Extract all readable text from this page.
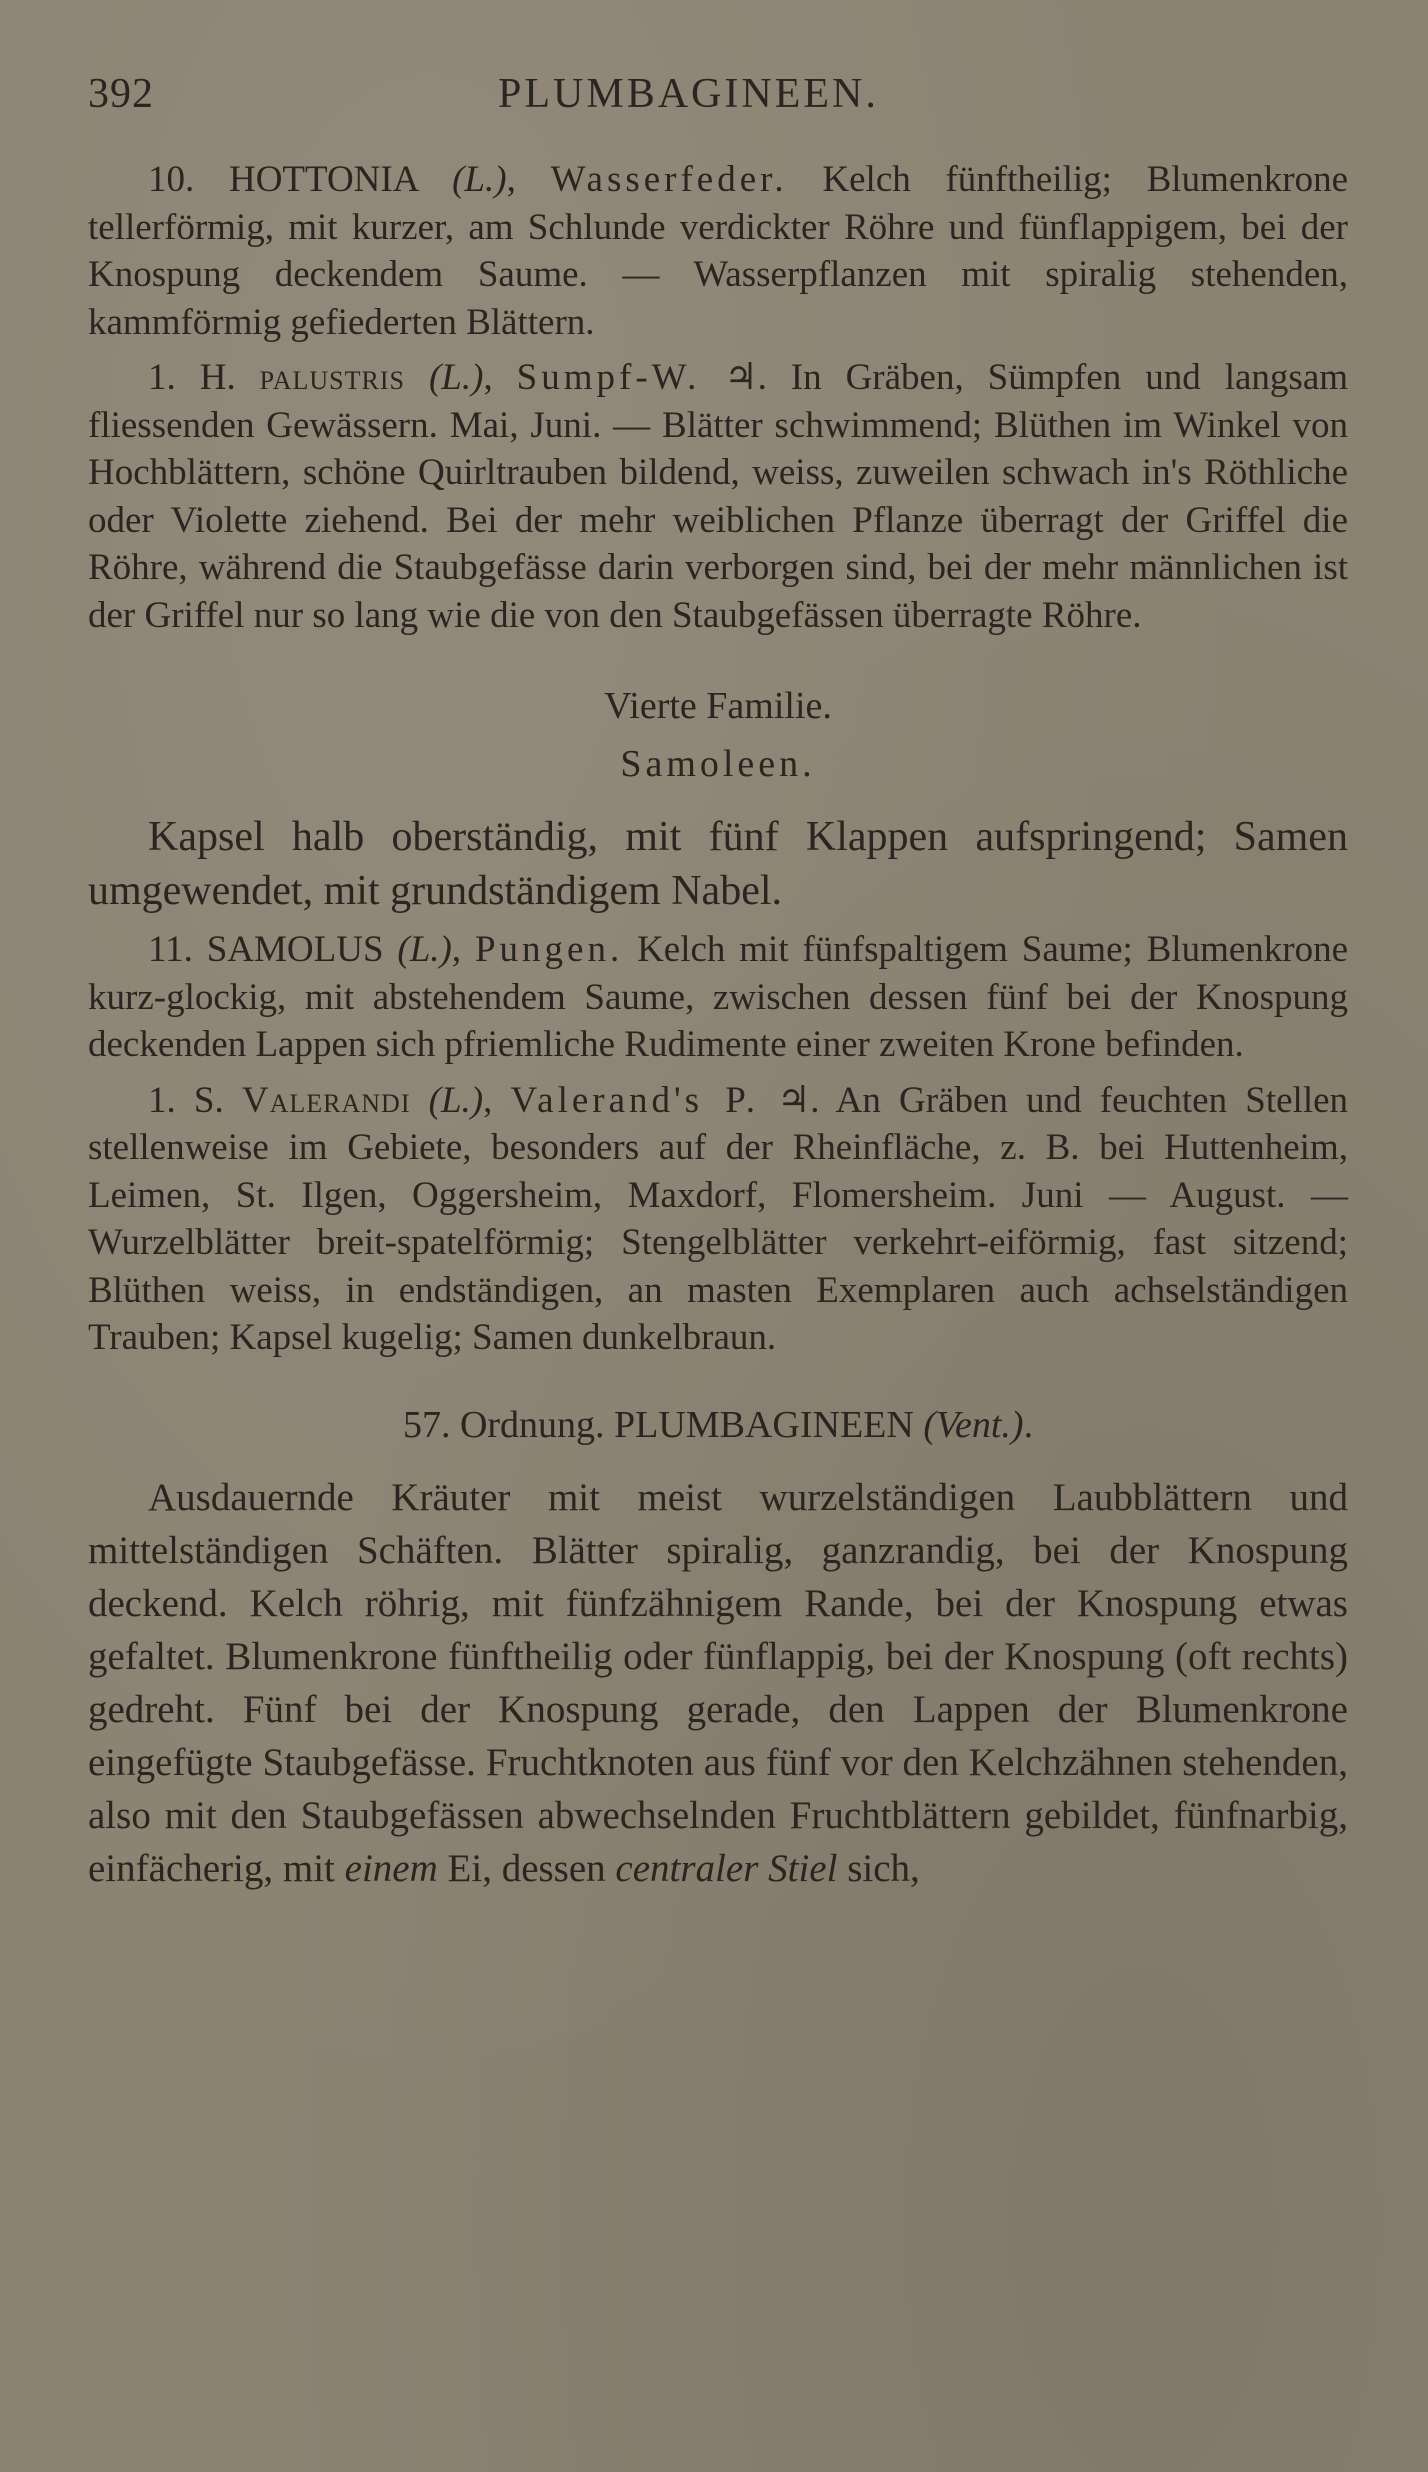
392	PLUMBAGINEEN.

10. HOTTONIA (L.), Wasserfeder. Kelch fünftheilig; Blumenkrone tellerförmig, mit kurzer, am Schlunde verdickter Röhre und fünflappigem, bei der Knospung deckendem Saume. — Wasserpflanzen mit spiralig stehenden, kammförmig gefiederten Blättern.

1. H. palustris (L.), Sumpf-W. ♃. In Gräben, Sümpfen und langsam fliessenden Gewässern. Mai, Juni. — Blätter schwimmend; Blüthen im Winkel von Hochblättern, schöne Quirltrauben bildend, weiss, zuweilen schwach in's Röthliche oder Violette ziehend. Bei der mehr weiblichen Pflanze überragt der Griffel die Röhre, während die Staubgefässe darin verborgen sind, bei der mehr männlichen ist der Griffel nur so lang wie die von den Staubgefässen überragte Röhre.

Vierte Familie.

Samoleen.

Kapsel halb oberständig, mit fünf Klappen aufspringend; Samen umgewendet, mit grundständigem Nabel.

11. SAMOLUS (L.), Pungen. Kelch mit fünfspaltigem Saume; Blumenkrone kurz-glockig, mit abstehendem Saume, zwischen dessen fünf bei der Knospung deckenden Lappen sich pfriemliche Rudimente einer zweiten Krone befinden.

1. S. Valerandi (L.), Valerand's P. ♃. An Gräben und feuchten Stellen stellenweise im Gebiete, besonders auf der Rheinfläche, z. B. bei Huttenheim, Leimen, St. Ilgen, Oggersheim, Maxdorf, Flomersheim. Juni — August. — Wurzelblätter breit-spatelförmig; Stengelblätter verkehrt-eiförmig, fast sitzend; Blüthen weiss, in endständigen, an masten Exemplaren auch achselständigen Trauben; Kapsel kugelig; Samen dunkelbraun.

57. Ordnung. PLUMBAGINEEN (Vent.).

Ausdauernde Kräuter mit meist wurzelständigen Laubblättern und mittelständigen Schäften. Blätter spiralig, ganzrandig, bei der Knospung deckend. Kelch röhrig, mit fünfzähnigem Rande, bei der Knospung etwas gefaltet. Blumenkrone fünftheilig oder fünflappig, bei der Knospung (oft rechts) gedreht. Fünf bei der Knospung gerade, den Lappen der Blumenkrone eingefügte Staubgefässe. Fruchtknoten aus fünf vor den Kelchzähnen stehenden, also mit den Staubgefässen abwechselnden Fruchtblättern gebildet, fünfnarbig, einfächerig, mit einem Ei, dessen centraler Stiel sich,
